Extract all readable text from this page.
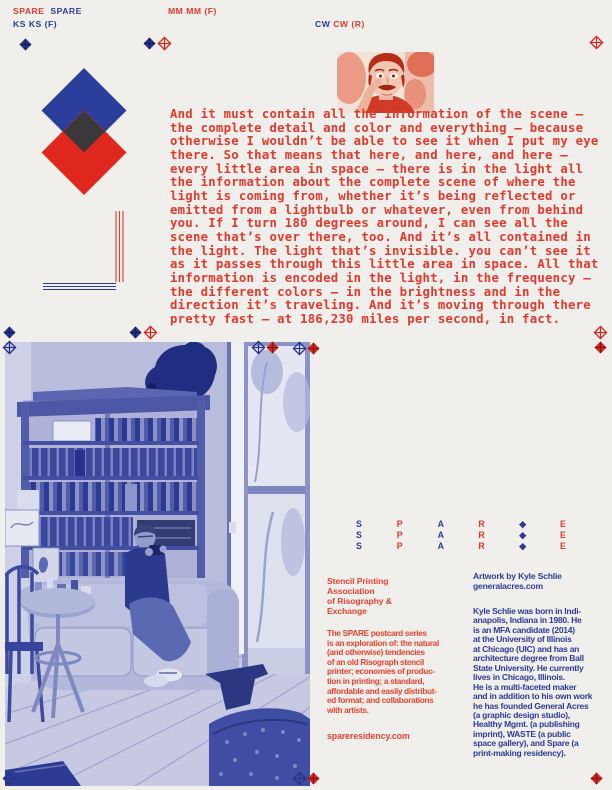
SPARE SPARE
KS KS (F)
MM MM (F)
CW CW (R)
And it must contain all the information of the scene —
the complete detail and color and everything — because
otherwise I wouldn’t be able to see it when I put my eye
there. So that means that here, and here, and here —
every little area in space — there is in the light all
the information about the complete scene of where the
light is coming from, whether it’s being reflected or
emitted from a lightbulb or whatever, even from behind
you. If I turn 180 degrees around, I can see all the
scene that’s over there, too. And it’s all contained in
the light. The light that’s invisible. you can’t see it
as it passes through this little area in space. All that
information is encoded in the light, in the frequency —
the different colors — in the brightness and in the
direction it’s traveling. And it’s moving through there
pretty fast — at 186,230 miles per second, in fact.
S	P	A	R	◆	E
S	P	A	R	◆	E
S	P	A	R	◆	E
Stencil Printing
Association
of Risography &
Exchange
The SPARE postcard series
is an exploration of: the natural
(and otherwise) tendencies
of an old Risograph stencil
printer; economies of produc-
tion in printing; a standard,
affordable and easily distribut-
ed format; and collaborations
with artists.
spareresidency.com
Artwork by Kyle Schlie
generalacres.com
Kyle Schlie was born in Indi-
anapolis, Indiana in 1980. He
is an MFA candidate (2014)
at the University of Illinois
at Chicago (UIC) and has an
architecture degree from Ball
State University. He currently
lives in Chicago, Illinois.
He is a multi-faceted maker
and in addition to his own work
he has founded General Acres
(a graphic design studio),
Healthy Mgmt. (a publishing
imprint), WASTE (a public
space gallery), and Spare (a
print-making residency).
